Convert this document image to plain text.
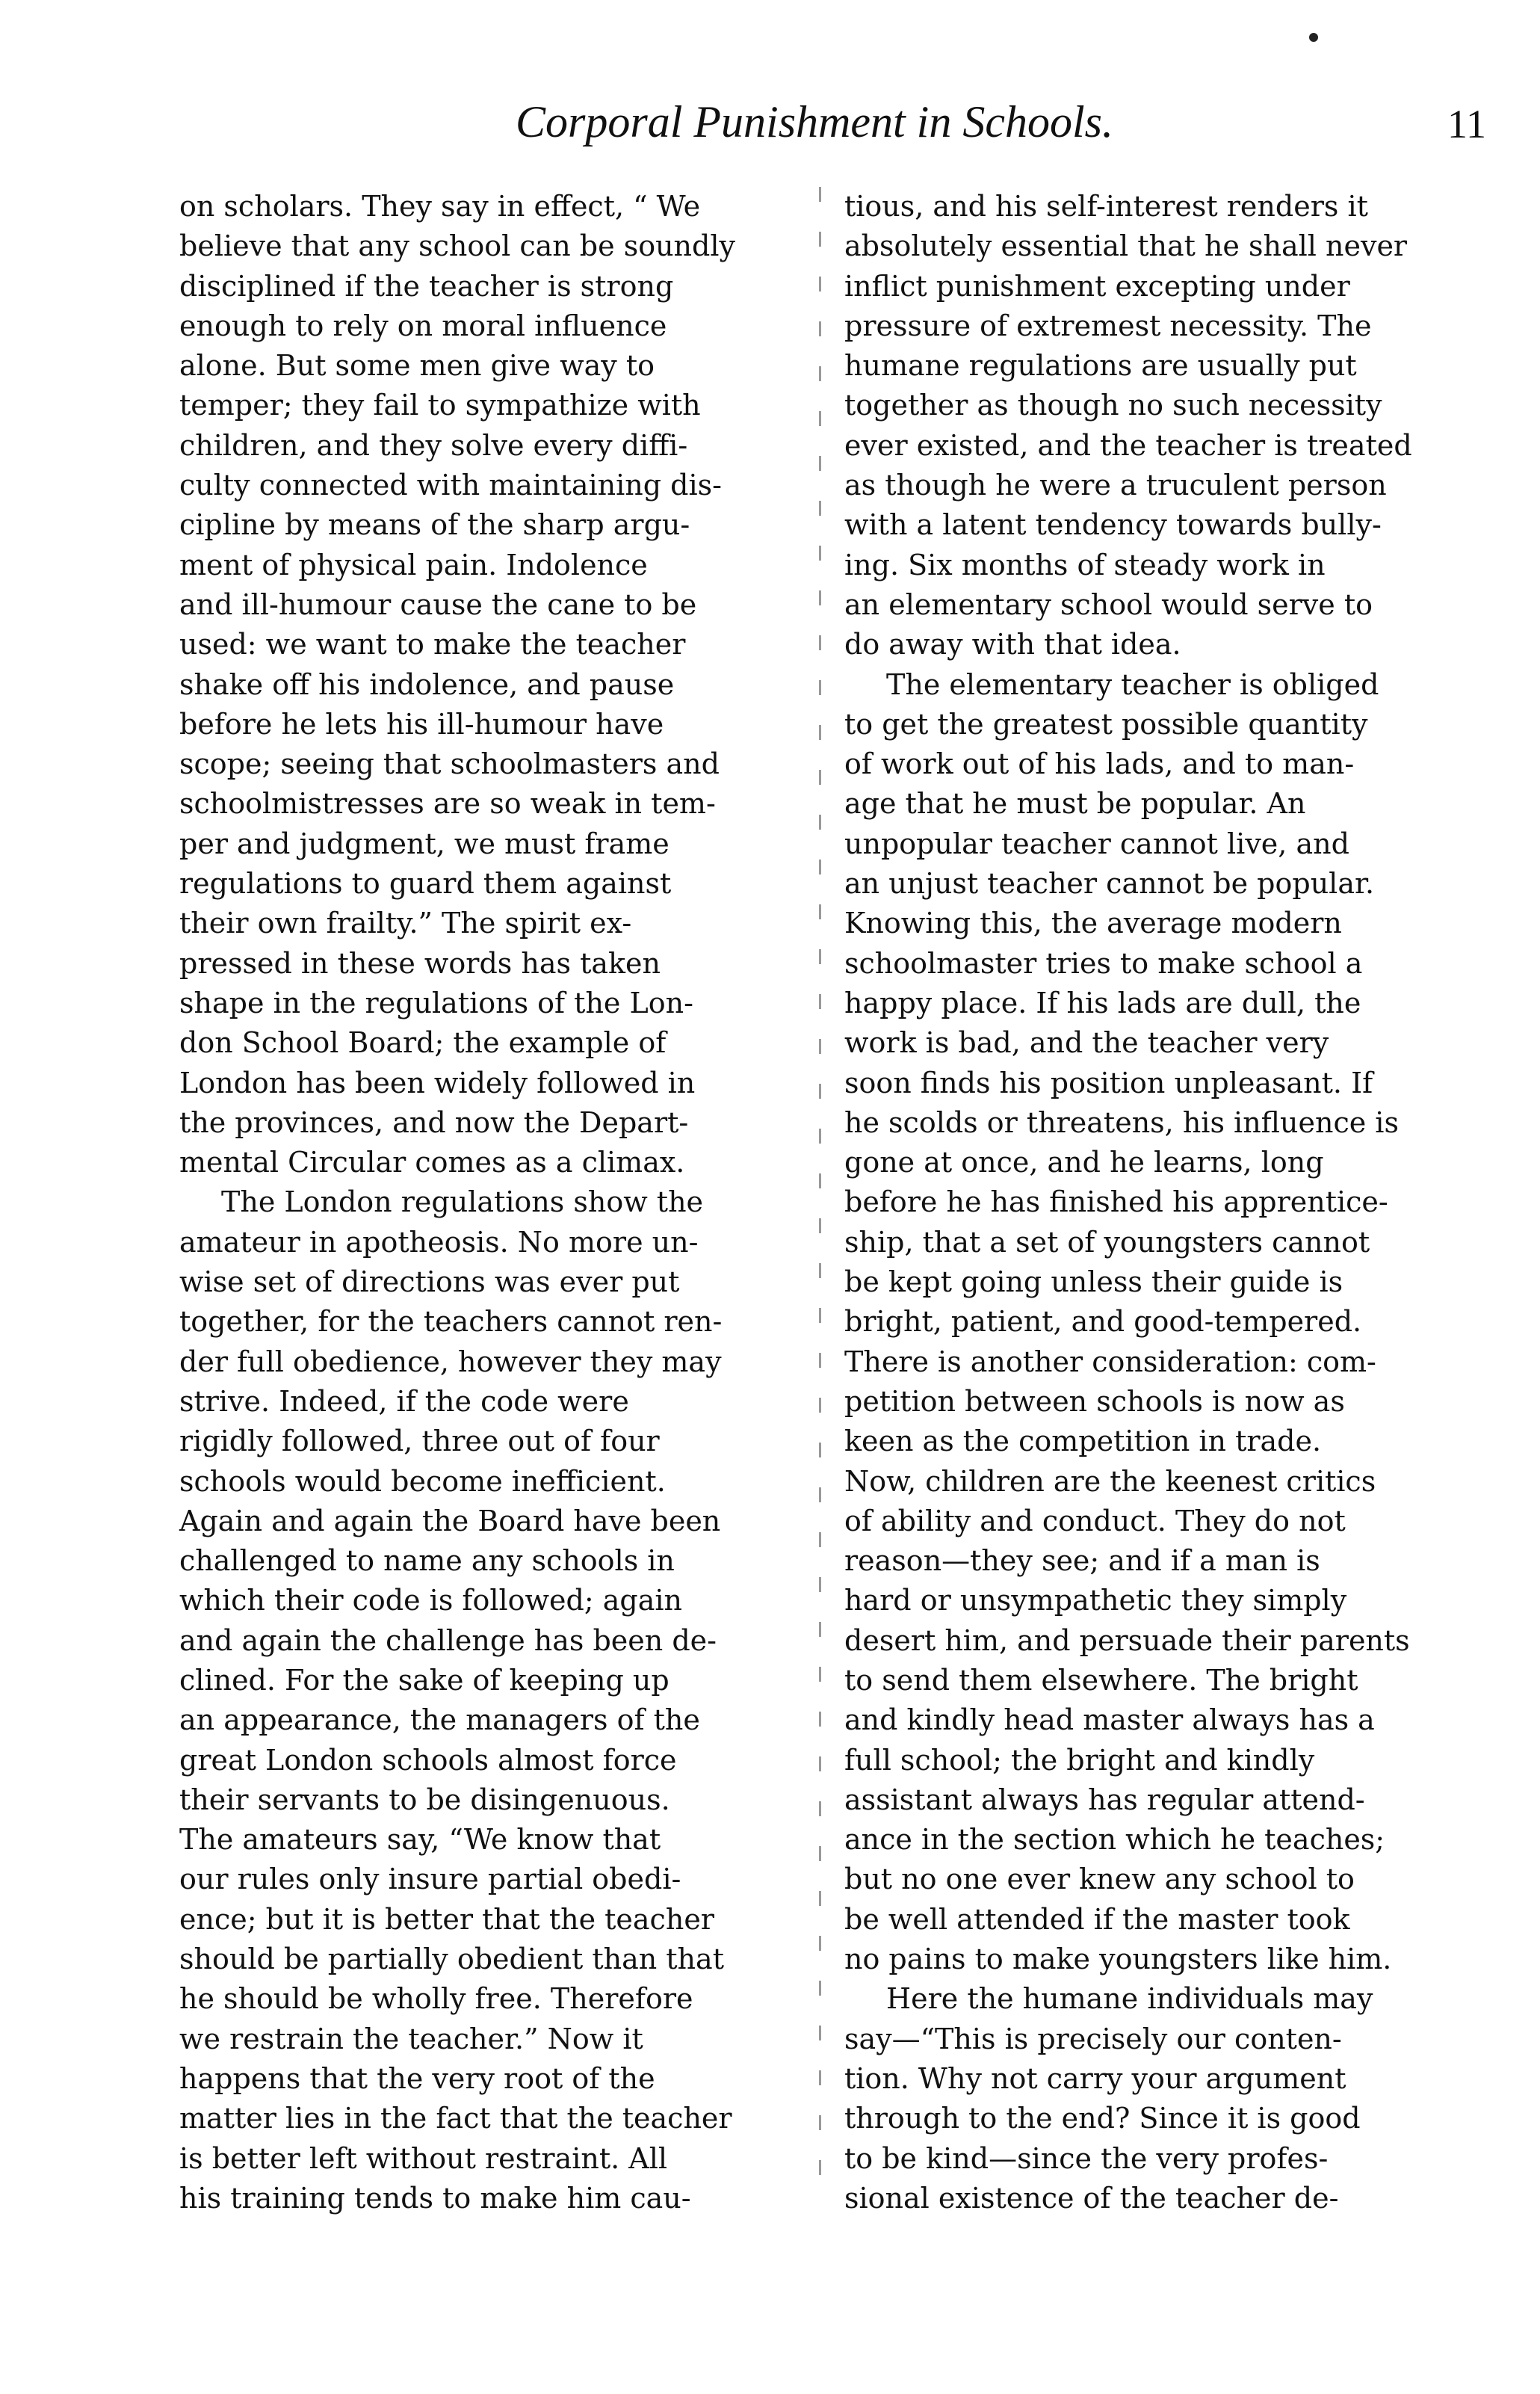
Corporal Punishment in Schools.	11
on scholars. They say in effect, “ We
believe that any school can be soundly
disciplined if the teacher is strong
enough to rely on moral influence
alone. But some men give way to
temper; they fail to sympathize with
children, and they solve every diffi-
culty connected with maintaining dis-
cipline by means of the sharp argu-
ment of physical pain. Indolence
and ill-humour cause the cane to be
used: we want to make the teacher
shake off his indolence, and pause
before he lets his ill-humour have
scope; seeing that schoolmasters and
schoolmistresses are so weak in tem-
per and judgment, we must frame
regulations to guard them against
their own frailty.” The spirit ex-
pressed in these words has taken
shape in the regulations of the Lon-
don School Board; the example of
London has been widely followed in
the provinces, and now the Depart-
mental Circular comes as a climax.
The London regulations show the
amateur in apotheosis. No more un-
wise set of directions was ever put
together, for the teachers cannot ren-
der full obedience, however they may
strive. Indeed, if the code were
rigidly followed, three out of four
schools would become inefficient.
Again and again the Board have been
challenged to name any schools in
which their code is followed; again
and again the challenge has been de-
clined. For the sake of keeping up
an appearance, the managers of the
great London schools almost force
their servants to be disingenuous.
The amateurs say, “We know that
our rules only insure partial obedi-
ence; but it is better that the teacher
should be partially obedient than that
he should be wholly free. Therefore
we restrain the teacher.” Now it
happens that the very root of the
matter lies in the fact that the teacher
is better left without restraint. All
his training tends to make him cau-
tious, and his self-interest renders it
absolutely essential that he shall never
inflict punishment excepting under
pressure of extremest necessity. The
humane regulations are usually put
together as though no such necessity
ever existed, and the teacher is treated
as though he were a truculent person
with a latent tendency towards bully-
ing. Six months of steady work in
an elementary school would serve to
do away with that idea.
The elementary teacher is obliged
to get the greatest possible quantity
of work out of his lads, and to man-
age that he must be popular. An
unpopular teacher cannot live, and
an unjust teacher cannot be popular.
Knowing this, the average modern
schoolmaster tries to make school a
happy place. If his lads are dull, the
work is bad, and the teacher very
soon finds his position unpleasant. If
he scolds or threatens, his influence is
gone at once, and he learns, long
before he has finished his apprentice-
ship, that a set of youngsters cannot
be kept going unless their guide is
bright, patient, and good-tempered.
There is another consideration: com-
petition between schools is now as
keen as the competition in trade.
Now, children are the keenest critics
of ability and conduct. They do not
reason—they see; and if a man is
hard or unsympathetic they simply
desert him, and persuade their parents
to send them elsewhere. The bright
and kindly head master always has a
full school; the bright and kindly
assistant always has regular attend-
ance in the section which he teaches;
but no one ever knew any school to
be well attended if the master took
no pains to make youngsters like him.
Here the humane individuals may
say—“This is precisely our conten-
tion. Why not carry your argument
through to the end? Since it is good
to be kind—since the very profes-
sional existence of the teacher de-
